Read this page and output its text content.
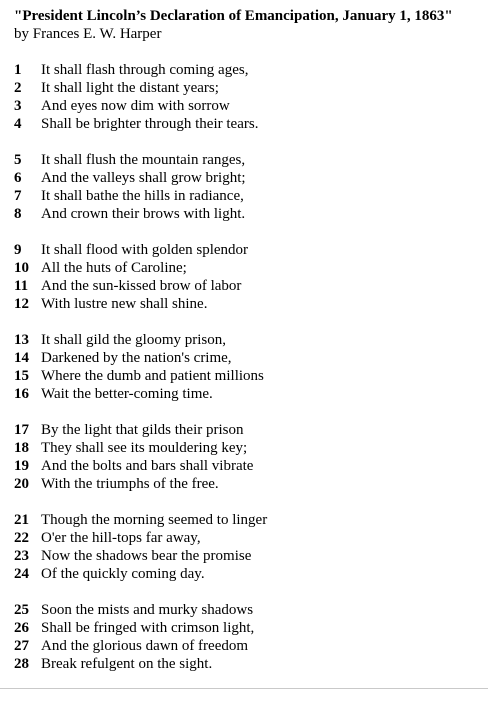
"President Lincoln’s Declaration of Emancipation, January 1, 1863"
by Frances E. W. Harper
1 It shall flash through coming ages,
2 It shall light the distant years;
3 And eyes now dim with sorrow
4 Shall be brighter through their tears.
5 It shall flush the mountain ranges,
6 And the valleys shall grow bright;
7 It shall bathe the hills in radiance,
8 And crown their brows with light.
9 It shall flood with golden splendor
10 All the huts of Caroline;
11 And the sun-kissed brow of labor
12 With lustre new shall shine.
13 It shall gild the gloomy prison,
14 Darkened by the nation's crime,
15 Where the dumb and patient millions
16 Wait the better-coming time.
17 By the light that gilds their prison
18 They shall see its mouldering key;
19 And the bolts and bars shall vibrate
20 With the triumphs of the free.
21 Though the morning seemed to linger
22 O'er the hill-tops far away,
23 Now the shadows bear the promise
24 Of the quickly coming day.
25 Soon the mists and murky shadows
26 Shall be fringed with crimson light,
27 And the glorious dawn of freedom
28 Break refulgent on the sight.
